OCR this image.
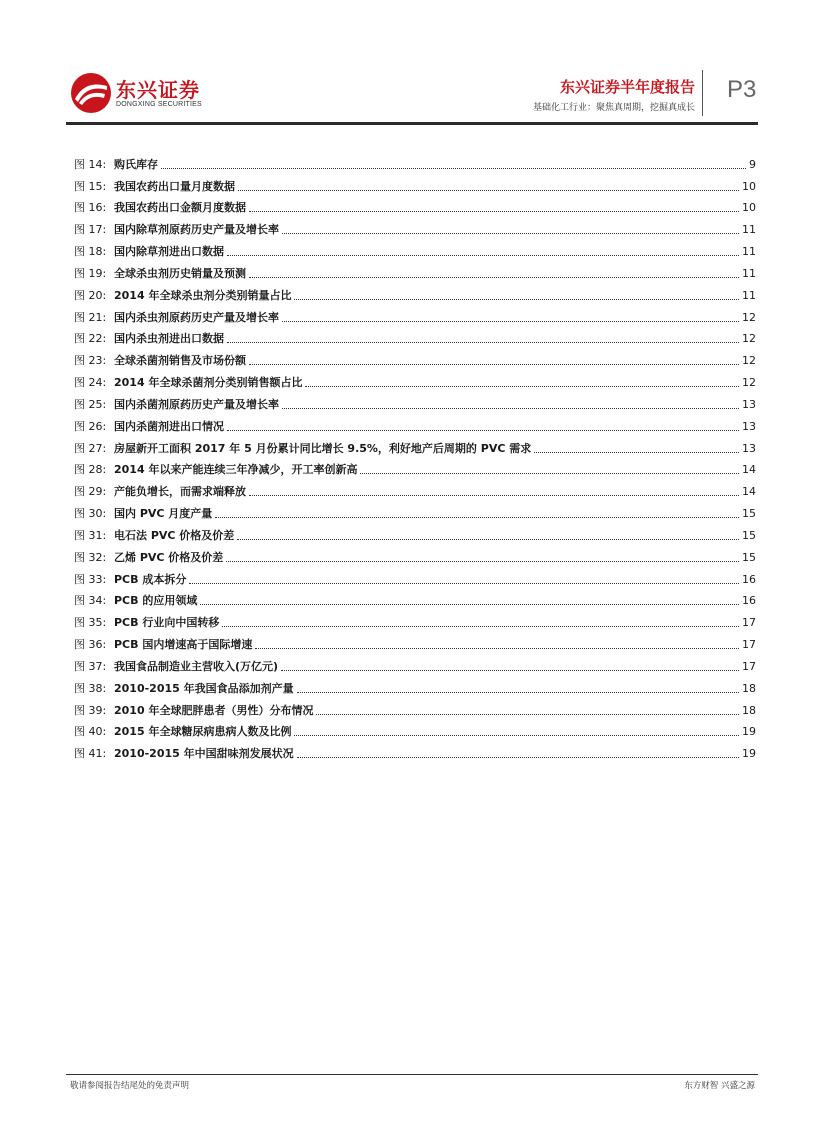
东兴证券
DONGXING SECURITIES
东兴证券半年度报告
基础化工行业：聚焦真周期，挖掘真成长
P3
图 14: 购氏库存	9
图 15: 我国农药出口量月度数据	10
图 16: 我国农药出口金额月度数据	10
图 17: 国内除草剂原药历史产量及增长率	11
图 18: 国内除草剂进出口数据	11
图 19: 全球杀虫剂历史销量及预测	11
图 20: 2014 年全球杀虫剂分类别销量占比	11
图 21: 国内杀虫剂原药历史产量及增长率	12
图 22: 国内杀虫剂进出口数据	12
图 23: 全球杀菌剂销售及市场份额	12
图 24: 2014 年全球杀菌剂分类别销售额占比	12
图 25: 国内杀菌剂原药历史产量及增长率	13
图 26: 国内杀菌剂进出口情况	13
图 27: 房屋新开工面积 2017 年 5 月份累计同比增长 9.5%，利好地产后周期的 PVC 需求	13
图 28: 2014 年以来产能连续三年净减少，开工率创新高	14
图 29: 产能负增长，而需求端释放	14
图 30: 国内 PVC 月度产量	15
图 31: 电石法 PVC 价格及价差	15
图 32: 乙烯 PVC 价格及价差	15
图 33: PCB 成本拆分	16
图 34: PCB 的应用领域	16
图 35: PCB 行业向中国转移	17
图 36: PCB 国内增速高于国际增速	17
图 37: 我国食品制造业主营收入(万亿元)	17
图 38: 2010-2015 年我国食品添加剂产量	18
图 39: 2010 年全球肥胖患者（男性）分布情况	18
图 40: 2015 年全球糖尿病患病人数及比例	19
图 41: 2010-2015 年中国甜味剂发展状况	19
敬请参阅报告结尾处的免责声明	东方财智 兴盛之源
